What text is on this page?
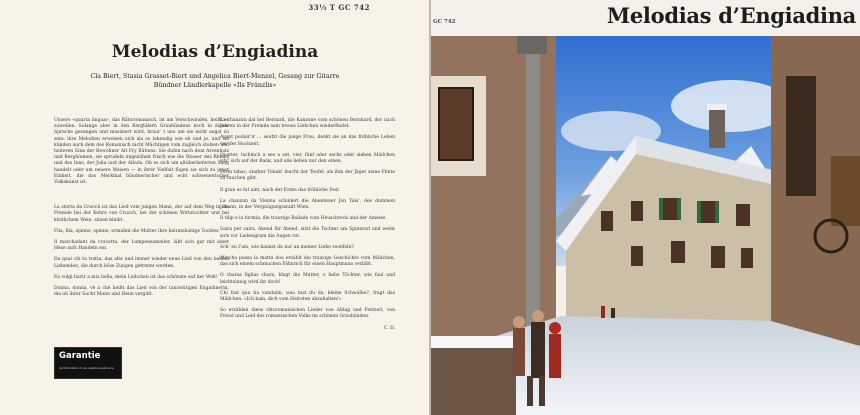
33⅓ T GC 742
Melodias d’Engiadina
Cla Biert, Stasia Grasset-Biert und Angelica Biert-Menzel, Gesang zur Gitarre
Bündner Ländlerkapelle «Ils Fränzlis»

Unsere «quarta lingua», das Rätoromanisch, ist am Verschwinden, heißt es zuweilen. Solange aber in den Bergtälern Graubündens noch in dieser Sprache gesungen und musiziert wird, braut’ t uns um sie nicht angst zu sein: ihre Melodien erweisen sich als so lebendig wie eh und je, und sie künden auch dem des Romanisch nicht Mächtigen vom zugleich stolzen und heiteren Sinn der Bewohner Alt Fry Rätiens. Sie dufen nach dem Arvenholz und Bergblumen, sie sprudeln ungezähmt frisch wie die Wasser des Rheins und des Inns, der Julia und der Albula. Ob es sich um altüberlieferten Sang handelt oder um neuere Weisen — in ihrer Vielfalt fügen sie sich zu jener Einheit, die das Merkmal bündnerischer und echt schweizerischer Volkskunst ist.

La storta da Cruoch ist das Lied vom jungen Mann, der auf dem Weg in die Fremde bei der Kehre von Cruoch, bei der schönen Wirtstochter und bei köstlichem Wein, sitzen bleibt.

Fila, fila, spinne, spinne, ermahnt die Mutter ihre heiratslustige Tochter.

Il marchadant da cravatta, der Lumpensammler, läßt sich gar mit einer Hexe aufs Handeln ein.

Da quai chi ta tratta, das alte und immer wieder neue Lied von den beiden Liebenden, die durch böse Zungen getrennt werden.

Eu volgl havir a mia bella, mein Liebchen ist das schönste auf der Welt!

Donna, donna, vè a chè heißt das Lied von der tanzwütigen Engadinerin, die ob ihrer Sucht Mann und Heim vergißt.

La chanzun dal bel Bernard, die Kanzone vom schönen Bernhard, der nach Jahren in der Fremde sein treues Liebchen wiederfindet.

Avant pudair’ir … seufzt die junge Frau, denkt sie an das fröhliche Leben vor der Hochzeit.

Quatter, tschinch u ses u set, vier, fünf oder sechs oder sieben Mädchen sitz’ sich auf der Bank, und alle lieben nur den einen.

Ferm tabac, starker Tobak! feucht der Teufel, als ihm der Jäger seine Flinte zu rauchen gibt.

Il gran es fat aint, nach der Ernte das fröhliche Fest.

La chanzun da Vienna schildert die Abenteuer Jon Taïs’, des dummen Johann, in der Vergnügungsstadt Wien.

Il tilip e la furmia, die traurige Ballade vom Heuschreck und der Ameise.

Saira per saira, Abend für Abend, sitzt die Tochter am Spinnrad und weint sich vor Liebesgram die Augen rot.

Sch’ eu l’am, wie kannst du nur an meiner Liebe zweifeln?

Mincha passa la matta dou erzählt die traurige Geschichte vom Mädchen, das sich einem schmucken Fähnrich für einen Hauptmann verläßt.

O charas figlias chara, klagt die Mutter, o liebe Töchter, wie faul und leichtsinnig wird ihr doch!

Chi fast qua tia vandulin, was tust du da, kleine Schwalbe?, fragt das Mädchen. «Ich kam, dich vom Heiraten abzuhalten!»

So erzählen diese rätoromanischen Lieder von Alltag und Festzeit, von Freud und Leid des romantischen Volks im schönen Graubünden.

C. D.
Garantie
de fabrication d’une qualité supérieure
GC 742	Melodias d’Engiadina
